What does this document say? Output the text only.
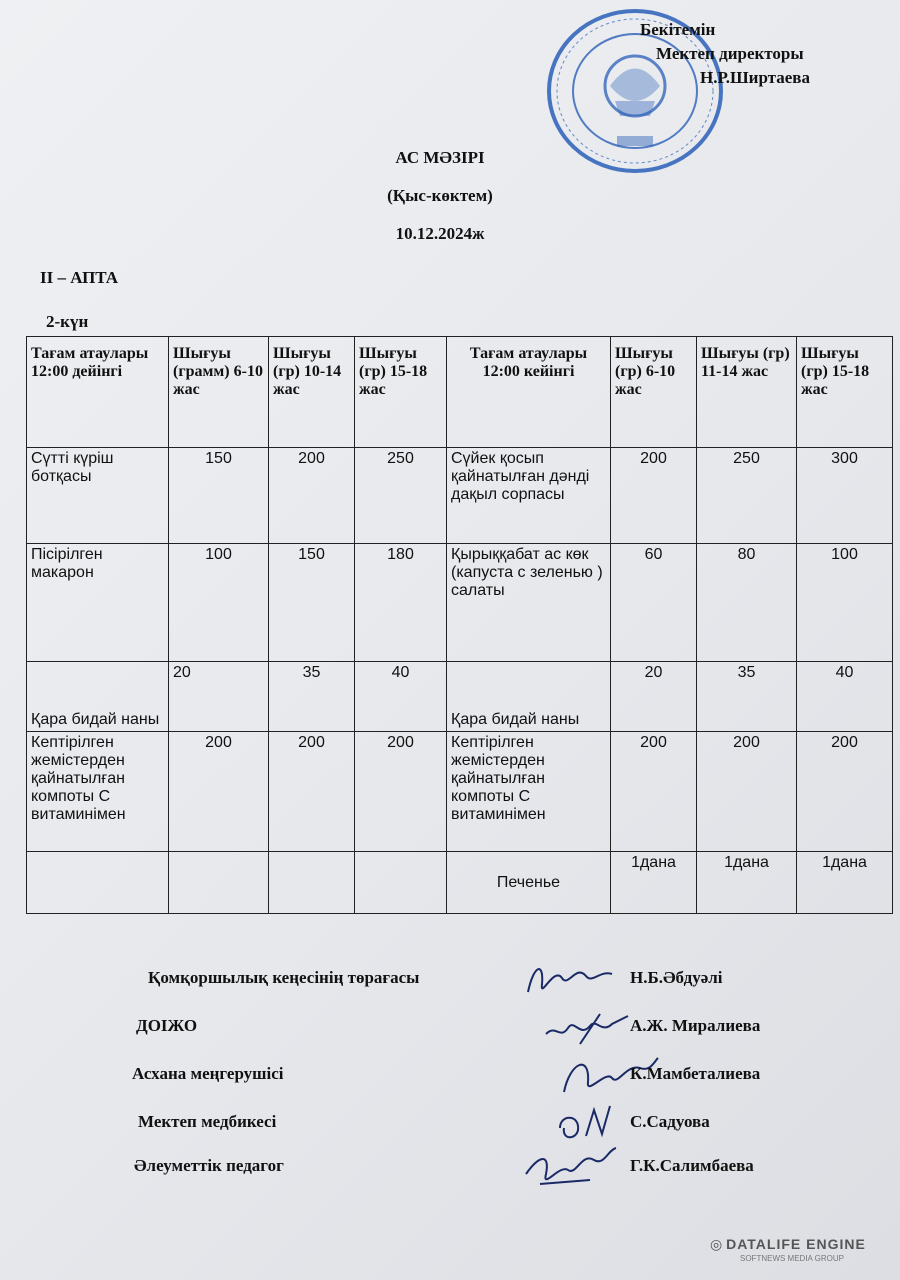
Бекітемін
Мектеп директоры
Н.Р.Ширтаева
АС МӘЗІРІ
(Қыс-көктем)
10.12.2024ж
II – АПТА
2-күн
Тағам атаулары 12:00 дейінгі	Шығуы (грамм) 6-10 жас	Шығуы (гр) 10-14 жас	Шығуы (гр) 15-18 жас	Тағам атаулары 12:00 кейінгі	Шығуы (гр) 6-10 жас	Шығуы (гр) 11-14 жас	Шығуы (гр) 15-18 жас
Сүтті күріш ботқасы	150	200	250	Сүйек қосып қайнатылған дәнді дақыл сорпасы	200	250	300
Пісірілген макарон	100	150	180	Қырыққабат ас көк (капуста с зеленью ) салаты	60	80	100
Қара бидай наны	20	35	40	Қара бидай наны	20	35	40
Кептірілген жемістерден қайнатылған компоты С витаминімен	200	200	200	Кептірілген жемістерден қайнатылған компоты С витаминімен	200	200	200
				Печенье	1дана	1дана	1дана
Қомқоршылық кеңесінің төрағасы	Н.Б.Әбдуәлі
ДОІЖО	А.Ж. Миралиева
Асхана меңгерушісі	К.Мамбеталиева
Мектеп медбикесі	С.Садуова
Әлеуметтік педагог	Г.К.Салимбаева
◎ DATALIFE ENGINE
SOFTNEWS MEDIA GROUP
